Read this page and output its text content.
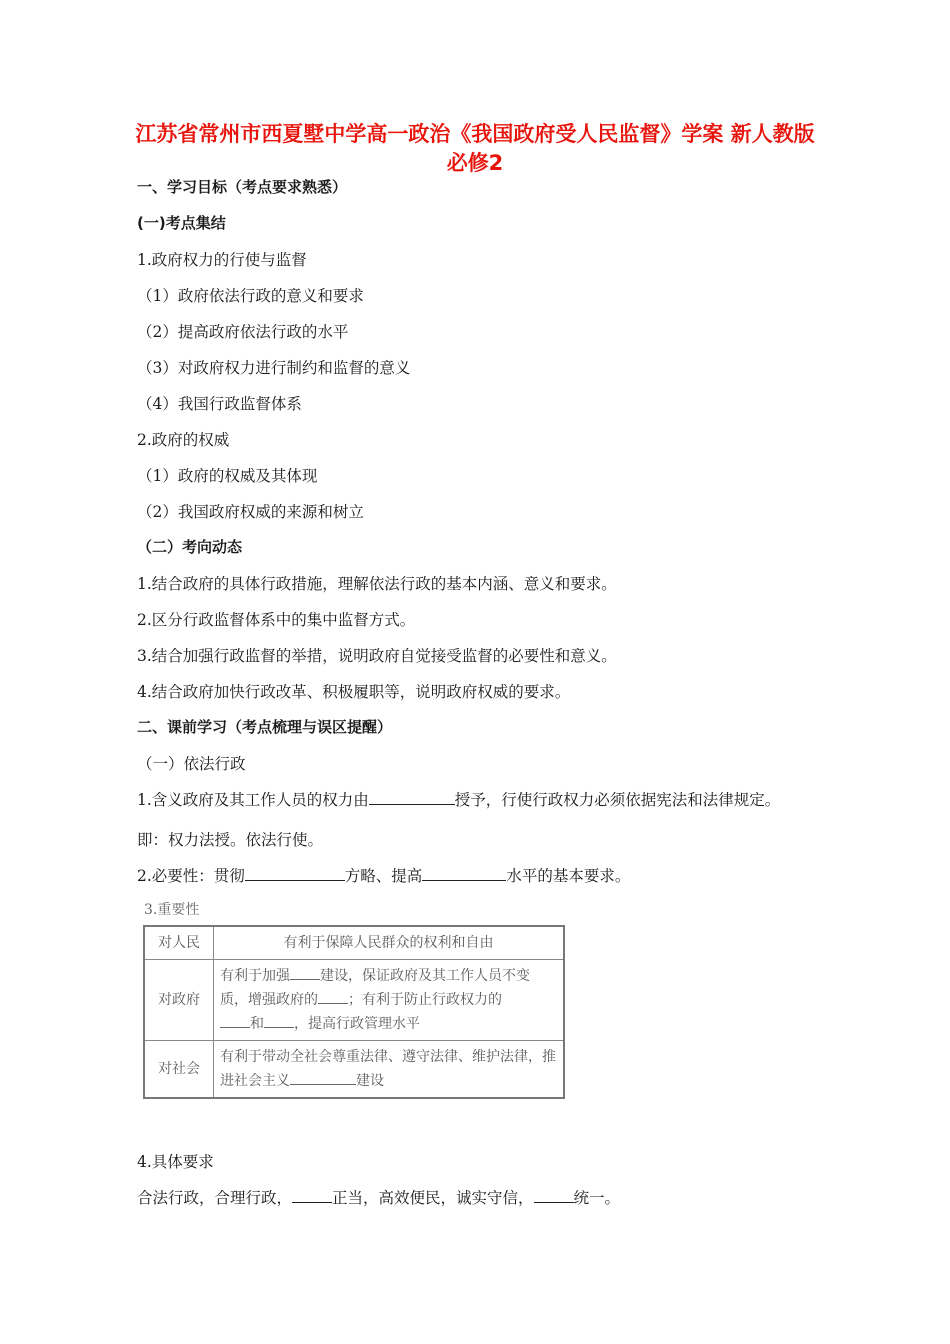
江苏省常州市西夏墅中学高一政治《我国政府受人民监督》学案 新人教版必修2
一、学习目标（考点要求熟悉）
(一)考点集结
1.政府权力的行使与监督
（1）政府依法行政的意义和要求
（2）提高政府依法行政的水平
（3）对政府权力进行制约和监督的意义
（4）我国行政监督体系
2.政府的权威
（1）政府的权威及其体现
（2）我国政府权威的来源和树立
（二）考向动态
1.结合政府的具体行政措施，理解依法行政的基本内涵、意义和要求。
2.区分行政监督体系中的集中监督方式。
3.结合加强行政监督的举措，说明政府自觉接受监督的必要性和意义。
4.结合政府加快行政改革、积极履职等，说明政府权威的要求。
二、课前学习（考点梳理与误区提醒）
（一）依法行政
1.含义政府及其工作人员的权力由	授予，行使行政权力必须依据宪法和法律规定。
即：权力法授。依法行使。
2.必要性：贯彻	方略、提高	水平的基本要求。
3.重要性
对人民	有利于保障人民群众的权利和自由
对政府	有利于加强 建设，保证政府及其工作人员不变质，增强政府的 ；有利于防止行政权力的
和 ，提高行政管理水平
对社会	有利于带动全社会尊重法律、遵守法律、维护法律，推进社会主义 建设
4.具体要求
合法行政，合理行政，	正当，高效便民，诚实守信，	统一。
